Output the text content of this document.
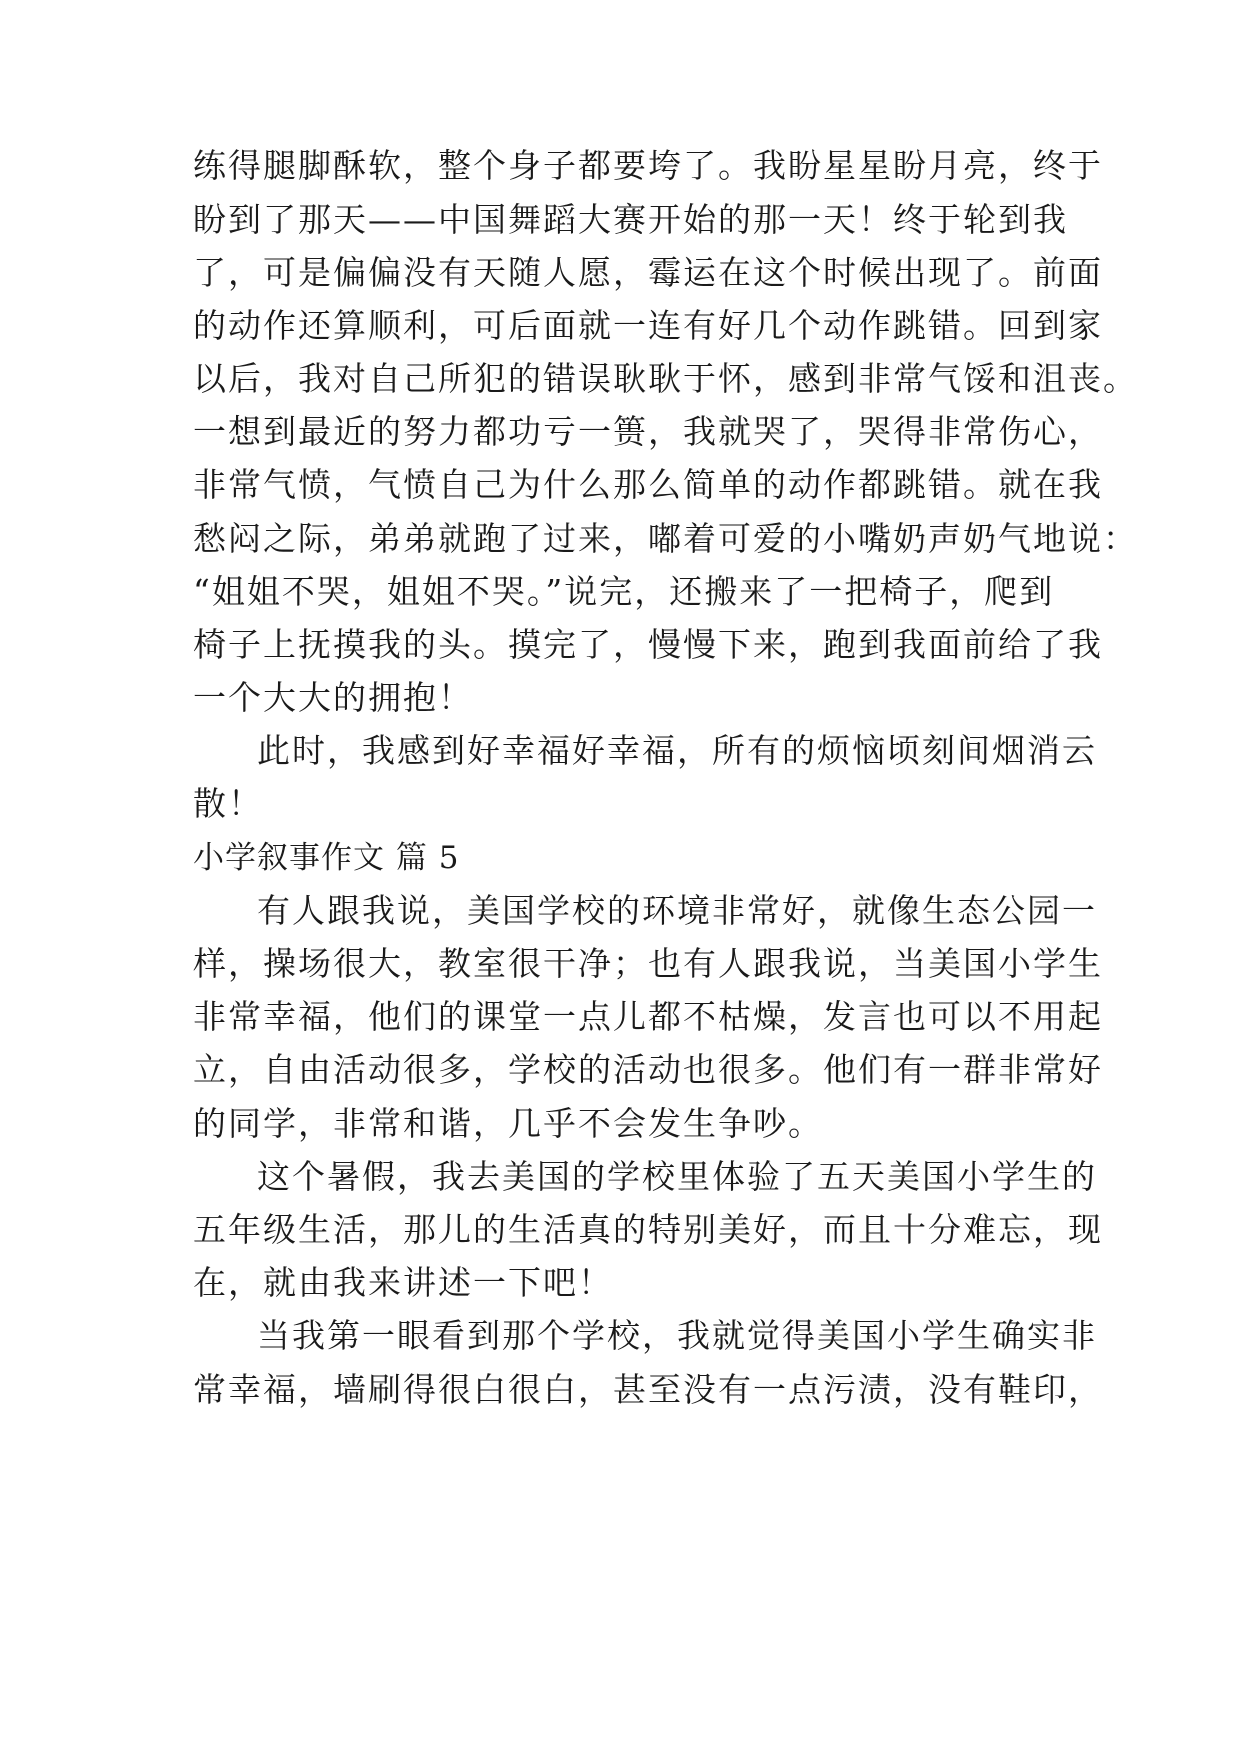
练得腿脚酥软，整个身子都要垮了。我盼星星盼月亮，终于
盼到了那天——中国舞蹈大赛开始的那一天！终于轮到我
了，可是偏偏没有天随人愿，霉运在这个时候出现了。前面
的动作还算顺利，可后面就一连有好几个动作跳错。回到家
以后，我对自己所犯的错误耿耿于怀，感到非常气馁和沮丧。
一想到最近的努力都功亏一篑，我就哭了，哭得非常伤心，
非常气愤，气愤自己为什么那么简单的动作都跳错。就在我
愁闷之际，弟弟就跑了过来，嘟着可爱的小嘴奶声奶气地说：
“姐姐不哭，姐姐不哭。”说完，还搬来了一把椅子，爬到
椅子上抚摸我的头。摸完了，慢慢下来，跑到我面前给了我
一个大大的拥抱！
此时，我感到好幸福好幸福，所有的烦恼顷刻间烟消云
散！
小学叙事作文 篇 5
有人跟我说，美国学校的环境非常好，就像生态公园一
样，操场很大，教室很干净；也有人跟我说，当美国小学生
非常幸福，他们的课堂一点儿都不枯燥，发言也可以不用起
立，自由活动很多，学校的活动也很多。他们有一群非常好
的同学，非常和谐，几乎不会发生争吵。
这个暑假，我去美国的学校里体验了五天美国小学生的
五年级生活，那儿的生活真的特别美好，而且十分难忘，现
在，就由我来讲述一下吧！
当我第一眼看到那个学校，我就觉得美国小学生确实非
常幸福，墙刷得很白很白，甚至没有一点污渍，没有鞋印，
